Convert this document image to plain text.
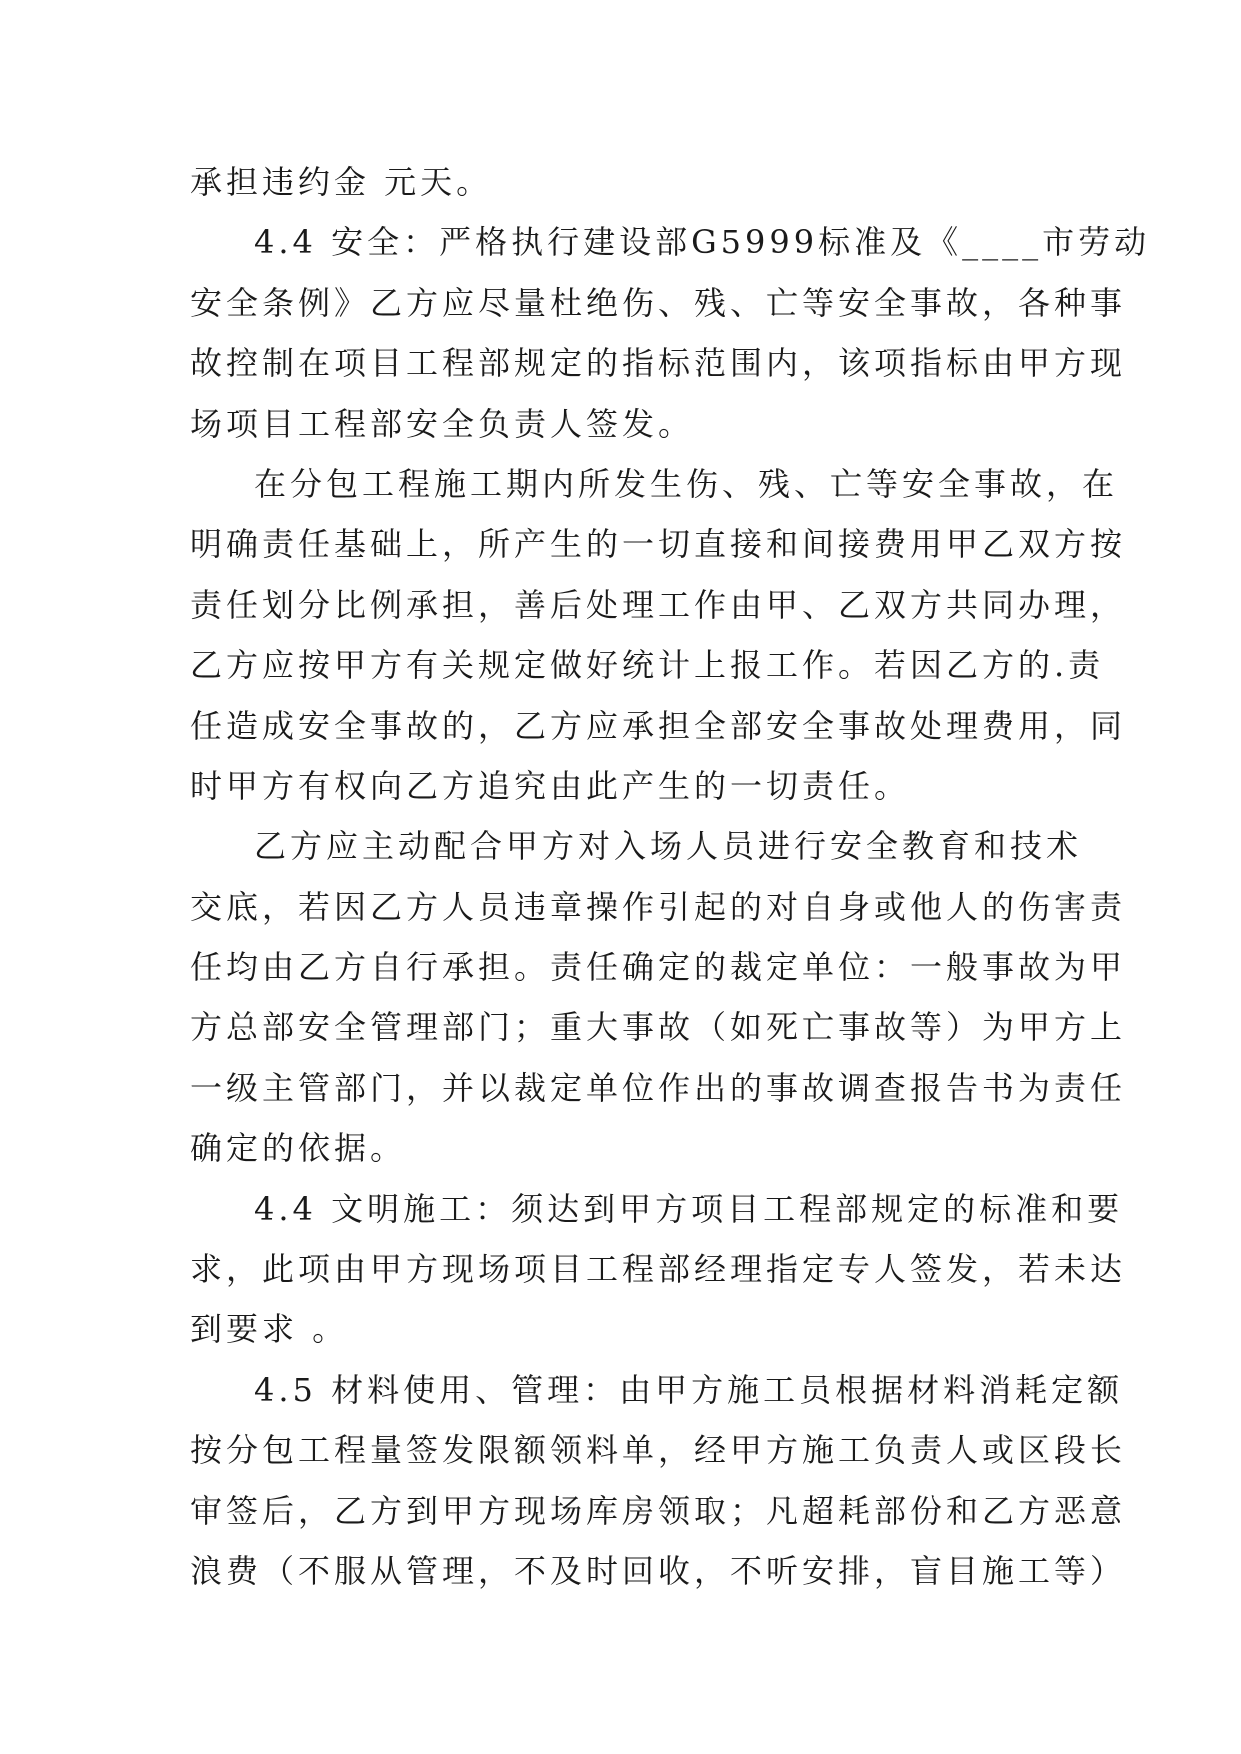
承担违约金 元天。
4.4 安全：严格执行建设部G5999标准及《____市劳动
安全条例》乙方应尽量杜绝伤、残、亡等安全事故，各种事
故控制在项目工程部规定的指标范围内，该项指标由甲方现
场项目工程部安全负责人签发。
在分包工程施工期内所发生伤、残、亡等安全事故，在
明确责任基础上，所产生的一切直接和间接费用甲乙双方按
责任划分比例承担，善后处理工作由甲、乙双方共同办理，
乙方应按甲方有关规定做好统计上报工作。若因乙方的.责
任造成安全事故的，乙方应承担全部安全事故处理费用，同
时甲方有权向乙方追究由此产生的一切责任。
乙方应主动配合甲方对入场人员进行安全教育和技术
交底，若因乙方人员违章操作引起的对自身或他人的伤害责
任均由乙方自行承担。责任确定的裁定单位：一般事故为甲
方总部安全管理部门；重大事故（如死亡事故等）为甲方上
一级主管部门，并以裁定单位作出的事故调查报告书为责任
确定的依据。
4.4 文明施工：须达到甲方项目工程部规定的标准和要
求，此项由甲方现场项目工程部经理指定专人签发，若未达
到要求 。
4.5 材料使用、管理：由甲方施工员根据材料消耗定额
按分包工程量签发限额领料单，经甲方施工负责人或区段长
审签后，乙方到甲方现场库房领取；凡超耗部份和乙方恶意
浪费（不服从管理，不及时回收，不听安排，盲目施工等）
